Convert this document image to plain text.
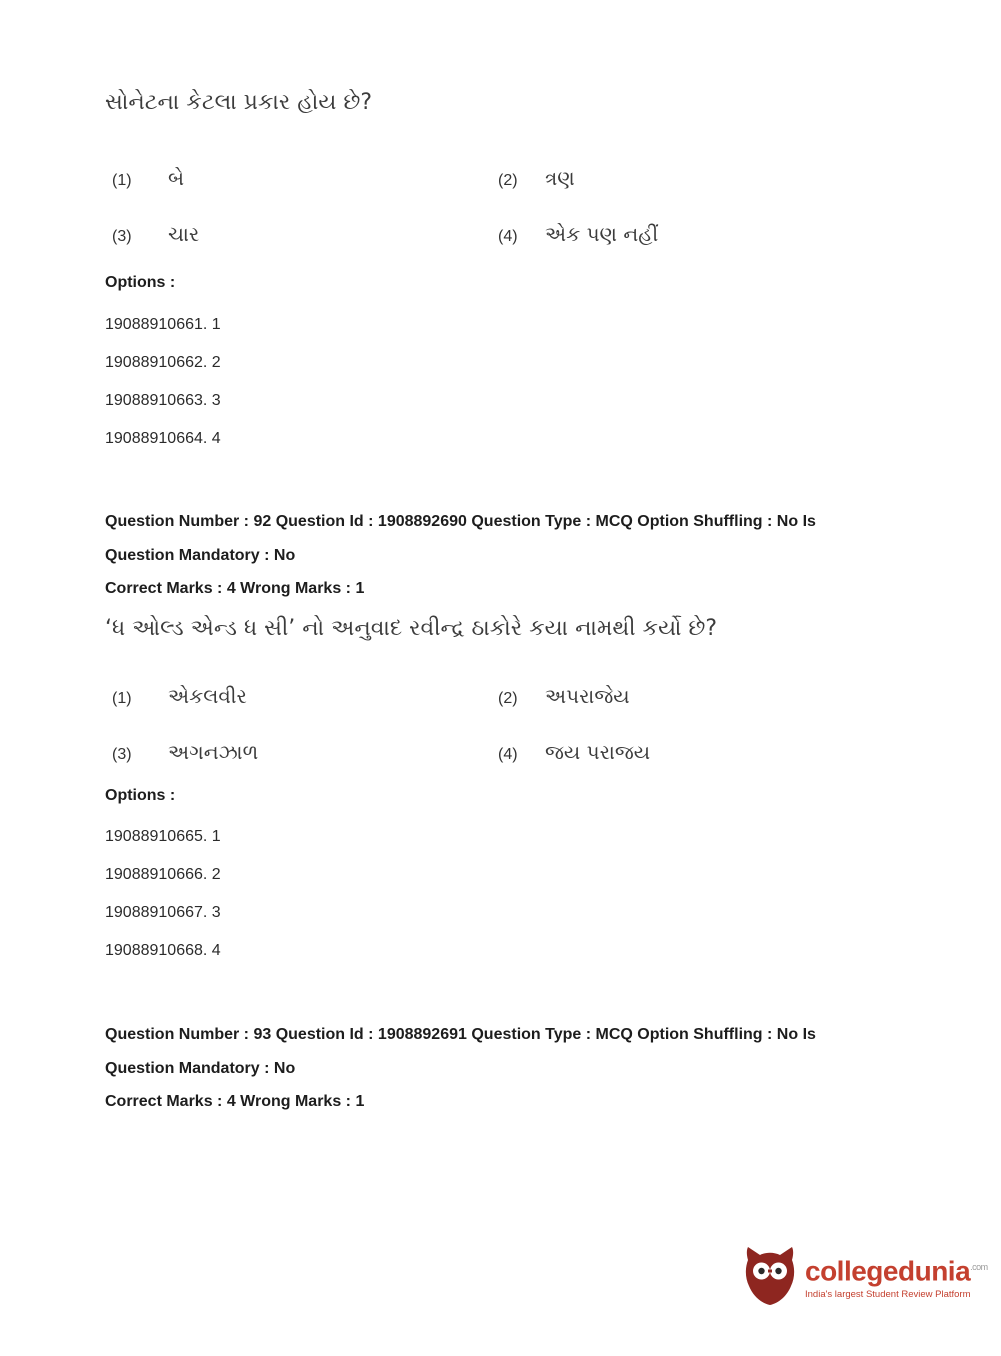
સોનેટના કેટલા પ્રકાર હોય છે?
(1)	બે	(2)	ત્રણ
(3)	ચાર	(4)	એક પણ નહીં
Options :
19088910661. 1
19088910662. 2
19088910663. 3
19088910664. 4
Question Number : 92 Question Id : 1908892690 Question Type : MCQ Option Shuffling : No Is
Question Mandatory : No
Correct Marks : 4 Wrong Marks : 1
‘ધ ઓલ્ડ એન્ડ ધ સી’ નો અનુવાદ રવીન્દ્ર ઠાકોરે કયા નામથી કર્યો છે?
(1)	એકલવીર	(2)	અપરાજેય
(3)	અગનઝાળ	(4)	જય પરાજય
Options :
19088910665. 1
19088910666. 2
19088910667. 3
19088910668. 4
Question Number : 93 Question Id : 1908892691 Question Type : MCQ Option Shuffling : No Is
Question Mandatory : No
Correct Marks : 4 Wrong Marks : 1
collegedunia$^{.com}$
India's largest Student Review Platform
